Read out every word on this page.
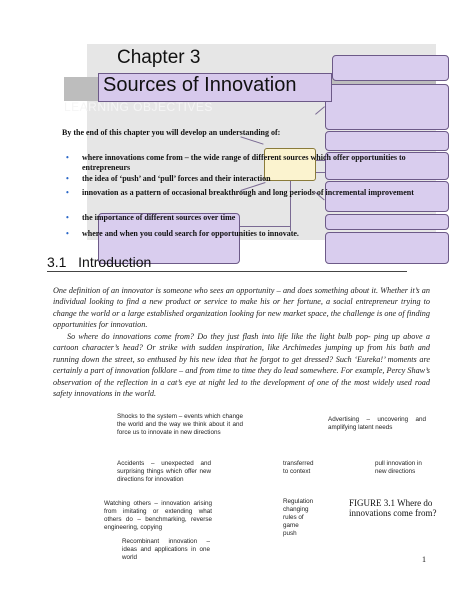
Chapter 3
Sources of Innovation
LEARNING OBJECTIVES
By the end of this chapter you will develop an understanding of:
• where innovations come from – the wide range of different sources which offer opportunities to entrepreneurs
• the idea of ‘push’ and ‘pull’ forces and their interaction
• innovation as a pattern of occasional breakthrough and long periods of incremental improvement
• the importance of different sources over time
• where and when you could search for opportunities to innovate.
3.1 Introduction
One definition of an innovator is someone who sees an opportunity – and does something about it. Whether it’s an individual looking to find a new product or service to make his or her fortune, a social entrepreneur trying to change the world or a large established organization looking for new market space, the challenge is one of finding opportunities for innovation.
So where do innovations come from? Do they just flash into life like the light bulb pop- ping up above a cartoon character’s head? Or strike with sudden inspiration, like Archimedes jumping up from his bath and running down the street, so enthused by his new idea that he forgot to get dressed? Such ‘Eureka!’ moments are certainly a part of innovation folklore – and from time to time they do lead somewhere. For example, Percy Shaw’s observation of the reflection in a cat’s eye at night led to the development of one of the most widely used road safety innovations in the world.
Shocks to the system – events which change the world and the way we think about it and force us to innovate in new directions
Advertising – uncovering and amplifying latent needs
Accidents – unexpected and surprising things which offer new directions for innovation
transferred to context
pull innovation in new directions
Watching others – innovation arising from imitating or extending what others do – benchmarking, reverse engineering, copying
Regulation changing rules of game push
Recombinant innovation – ideas and applications in one world
FIGURE 3.1 Where do innovations come from?
1
